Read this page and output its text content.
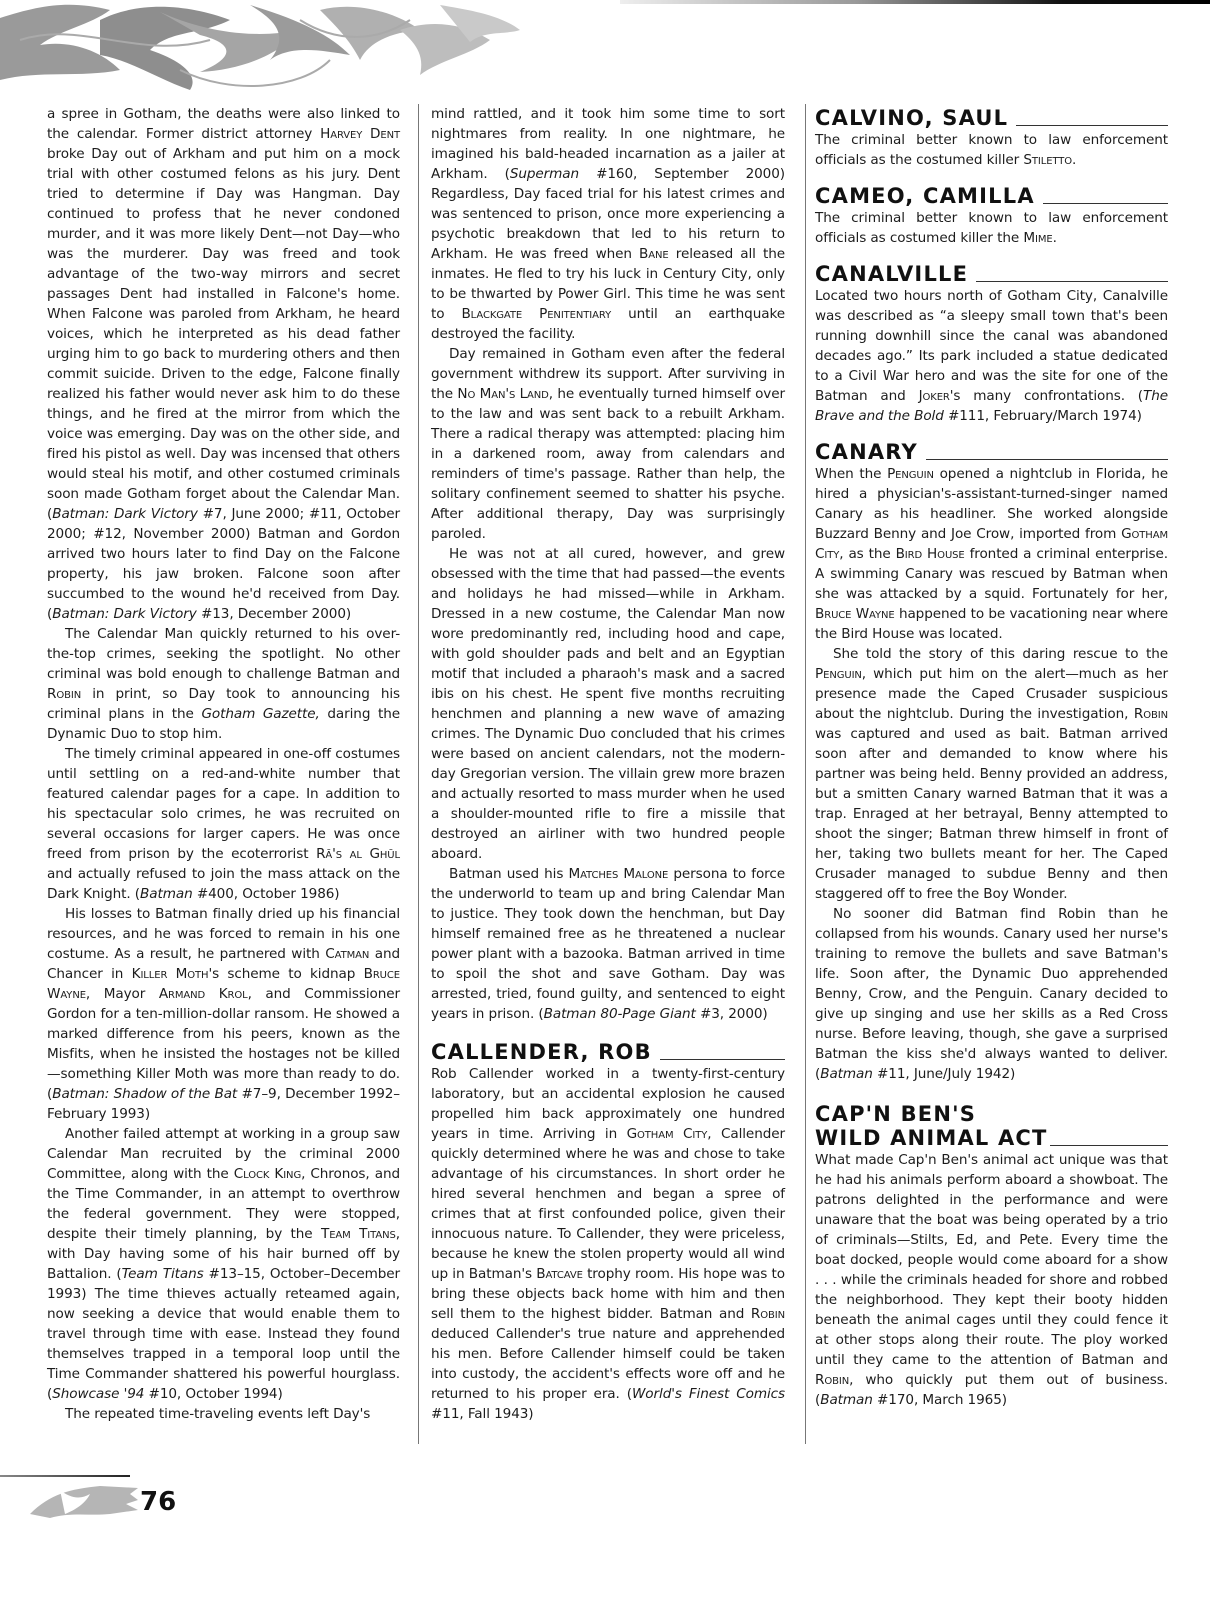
a spree in Gotham, the deaths were also linked to the calendar. Former district attorney Harvey Dent broke Day out of Arkham and put him on a mock trial with other costumed felons as his jury. Dent tried to determine if Day was Hangman. Day continued to profess that he never condoned murder, and it was more likely Dent—not Day—who was the murderer. Day was freed and took advantage of the two-way mirrors and secret passages Dent had installed in Falcone's home. When Falcone was paroled from Arkham, he heard voices, which he interpreted as his dead father urging him to go back to murdering others and then commit suicide. Driven to the edge, Falcone finally realized his father would never ask him to do these things, and he fired at the mirror from which the voice was emerging. Day was on the other side, and fired his pistol as well. Day was incensed that others would steal his motif, and other costumed criminals soon made Gotham forget about the Calendar Man. (Batman: Dark Victory #7, June 2000; #11, October 2000; #12, November 2000) Batman and Gordon arrived two hours later to find Day on the Falcone property, his jaw broken. Falcone soon after succumbed to the wound he'd received from Day. (Batman: Dark Victory #13, December 2000)

The Calendar Man quickly returned to his over-the-top crimes, seeking the spotlight. No other criminal was bold enough to challenge Batman and Robin in print, so Day took to announcing his criminal plans in the Gotham Gazette, daring the Dynamic Duo to stop him.

The timely criminal appeared in one-off costumes until settling on a red-and-white number that featured calendar pages for a cape. In addition to his spectacular solo crimes, he was recruited on several occasions for larger capers. He was once freed from prison by the ecoterrorist Rā's al Ghūl and actually refused to join the mass attack on the Dark Knight. (Batman #400, October 1986)

His losses to Batman finally dried up his financial resources, and he was forced to remain in his one costume. As a result, he partnered with Catman and Chancer in Killer Moth's scheme to kidnap Bruce Wayne, Mayor Armand Krol, and Commissioner Gordon for a ten-million-dollar ransom. He showed a marked difference from his peers, known as the Misfits, when he insisted the hostages not be killed—something Killer Moth was more than ready to do. (Batman: Shadow of the Bat #7–9, December 1992–February 1993)

Another failed attempt at working in a group saw Calendar Man recruited by the criminal 2000 Committee, along with the Clock King, Chronos, and the Time Commander, in an attempt to overthrow the federal government. They were stopped, despite their timely planning, by the Team Titans, with Day having some of his hair burned off by Battalion. (Team Titans #13–15, October–December 1993) The time thieves actually reteamed again, now seeking a device that would enable them to travel through time with ease. Instead they found themselves trapped in a temporal loop until the Time Commander shattered his powerful hourglass. (Showcase '94 #10, October 1994)

The repeated time-traveling events left Day's

mind rattled, and it took him some time to sort nightmares from reality. In one nightmare, he imagined his bald-headed incarnation as a jailer at Arkham. (Superman #160, September 2000) Regardless, Day faced trial for his latest crimes and was sentenced to prison, once more experiencing a psychotic breakdown that led to his return to Arkham. He was freed when Bane released all the inmates. He fled to try his luck in Century City, only to be thwarted by Power Girl. This time he was sent to Blackgate Penitentiary until an earthquake destroyed the facility.

Day remained in Gotham even after the federal government withdrew its support. After surviving in the No Man's Land, he eventually turned himself over to the law and was sent back to a rebuilt Arkham. There a radical therapy was attempted: placing him in a darkened room, away from calendars and reminders of time's passage. Rather than help, the solitary confinement seemed to shatter his psyche. After additional therapy, Day was surprisingly paroled.

He was not at all cured, however, and grew obsessed with the time that had passed—the events and holidays he had missed—while in Arkham. Dressed in a new costume, the Calendar Man now wore predominantly red, including hood and cape, with gold shoulder pads and belt and an Egyptian motif that included a pharaoh's mask and a sacred ibis on his chest. He spent five months recruiting henchmen and planning a new wave of amazing crimes. The Dynamic Duo concluded that his crimes were based on ancient calendars, not the modern-day Gregorian version. The villain grew more brazen and actually resorted to mass murder when he used a shoulder-mounted rifle to fire a missile that destroyed an airliner with two hundred people aboard.

Batman used his Matches Malone persona to force the underworld to team up and bring Calendar Man to justice. They took down the henchman, but Day himself remained free as he threatened a nuclear power plant with a bazooka. Batman arrived in time to spoil the shot and save Gotham. Day was arrested, tried, found guilty, and sentenced to eight years in prison. (Batman 80-Page Giant #3, 2000)

CALLENDER, ROB

Rob Callender worked in a twenty-first-century laboratory, but an accidental explosion he caused propelled him back approximately one hundred years in time. Arriving in Gotham City, Callender quickly determined where he was and chose to take advantage of his circumstances. In short order he hired several henchmen and began a spree of crimes that at first confounded police, given their innocuous nature. To Callender, they were priceless, because he knew the stolen property would all wind up in Batman's Batcave trophy room. His hope was to bring these objects back home with him and then sell them to the highest bidder. Batman and Robin deduced Callender's true nature and apprehended his men. Before Callender himself could be taken into custody, the accident's effects wore off and he returned to his proper era. (World's Finest Comics #11, Fall 1943)

CALVINO, SAUL

The criminal better known to law enforcement officials as the costumed killer Stiletto.

CAMEO, CAMILLA

The criminal better known to law enforcement officials as costumed killer the Mime.

CANALVILLE

Located two hours north of Gotham City, Canalville was described as “a sleepy small town that's been running downhill since the canal was abandoned decades ago.” Its park included a statue dedicated to a Civil War hero and was the site for one of the Batman and Joker's many confrontations. (The Brave and the Bold #111, February/March 1974)

CANARY

When the Penguin opened a nightclub in Florida, he hired a physician's-assistant-turned-singer named Canary as his headliner. She worked alongside Buzzard Benny and Joe Crow, imported from Gotham City, as the Bird House fronted a criminal enterprise. A swimming Canary was rescued by Batman when she was attacked by a squid. Fortunately for her, Bruce Wayne happened to be vacationing near where the Bird House was located.

She told the story of this daring rescue to the Penguin, which put him on the alert—much as her presence made the Caped Crusader suspicious about the nightclub. During the investigation, Robin was captured and used as bait. Batman arrived soon after and demanded to know where his partner was being held. Benny provided an address, but a smitten Canary warned Batman that it was a trap. Enraged at her betrayal, Benny attempted to shoot the singer; Batman threw himself in front of her, taking two bullets meant for her. The Caped Crusader managed to subdue Benny and then staggered off to free the Boy Wonder.

No sooner did Batman find Robin than he collapsed from his wounds. Canary used her nurse's training to remove the bullets and save Batman's life. Soon after, the Dynamic Duo apprehended Benny, Crow, and the Penguin. Canary decided to give up singing and use her skills as a Red Cross nurse. Before leaving, though, she gave a surprised Batman the kiss she'd always wanted to deliver. (Batman #11, June/July 1942)

CAP'N BEN'S
WILD ANIMAL ACT

What made Cap'n Ben's animal act unique was that he had his animals perform aboard a showboat. The patrons delighted in the performance and were unaware that the boat was being operated by a trio of criminals—Stilts, Ed, and Pete. Every time the boat docked, people would come aboard for a show . . . while the criminals headed for shore and robbed the neighborhood. They kept their booty hidden beneath the animal cages until they could fence it at other stops along their route. The ploy worked until they came to the attention of Batman and Robin, who quickly put them out of business. (Batman #170, March 1965)

76
